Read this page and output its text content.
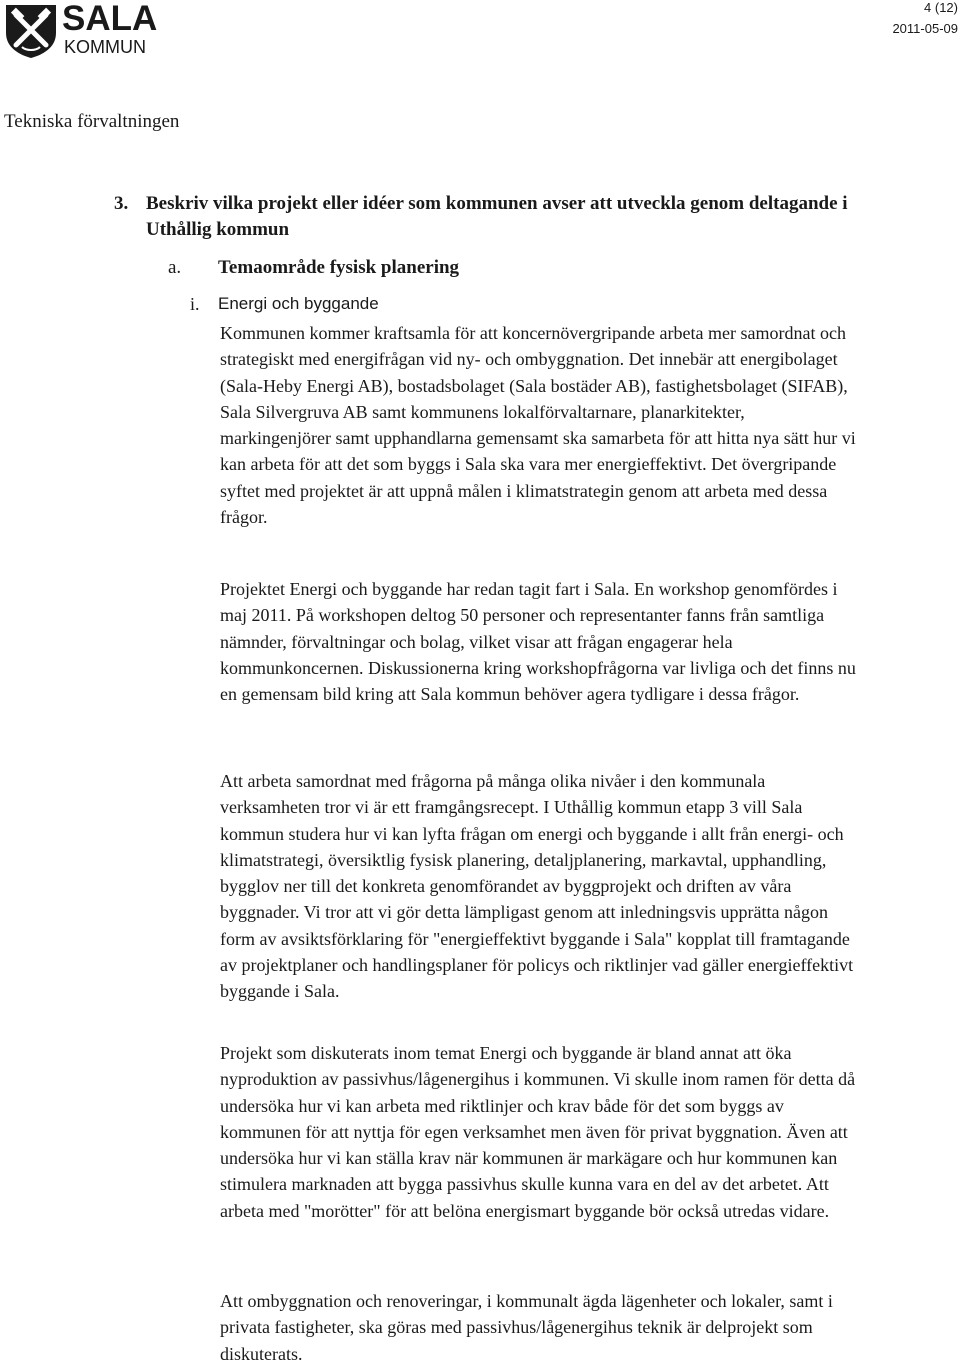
SALA
KOMMUN
4 (12)
2011-05-09
Tekniska förvaltningen
3. Beskriv vilka projekt eller idéer som kommunen avser att utveckla genom deltagande i Uthållig kommun
a. Temaområde fysisk planering
i. Energi och byggande

Kommunen kommer kraftsamla för att koncernövergripande arbeta mer samordnat och strategiskt med energifrågan vid ny- och ombyggnation. Det innebär att energibolaget (Sala-Heby Energi AB), bostadsbolaget (Sala bostäder AB), fastighetsbolaget (SIFAB), Sala Silvergruva AB samt kommunens lokalförvaltarnare, planarkitekter, markingenjörer samt upphandlarna gemensamt ska samarbeta för att hitta nya sätt hur vi kan arbeta för att det som byggs i Sala ska vara mer energieffektivt. Det övergripande syftet med projektet är att uppnå målen i klimatstrategin genom att arbeta med dessa frågor.

Projektet Energi och byggande har redan tagit fart i Sala. En workshop genomfördes i maj 2011. På workshopen deltog 50 personer och representanter fanns från samtliga nämnder, förvaltningar och bolag, vilket visar att frågan engagerar hela kommunkoncernen. Diskussionerna kring workshopfrågorna var livliga och det finns nu en gemensam bild kring att Sala kommun behöver agera tydligare i dessa frågor.

Att arbeta samordnat med frågorna på många olika nivåer i den kommunala verksamheten tror vi är ett framgångsrecept. I Uthållig kommun etapp 3 vill Sala kommun studera hur vi kan lyfta frågan om energi och byggande i allt från energi- och klimatstrategi, översiktlig fysisk planering, detaljplanering, markavtal, upphandling, bygglov ner till det konkreta genomförandet av byggprojekt och driften av våra byggnader. Vi tror att vi gör detta lämpligast genom att inledningsvis upprätta någon form av avsiktsförklaring för "energieffektivt byggande i Sala" kopplat till framtagande av projektplaner och handlingsplaner för policys och riktlinjer vad gäller energieffektivt byggande i Sala.

Projekt som diskuterats inom temat Energi och byggande är bland annat att öka nyproduktion av passivhus/lågenergihus i kommunen. Vi skulle inom ramen för detta då undersöka hur vi kan arbeta med riktlinjer och krav både för det som byggs av kommunen för att nyttja för egen verksamhet men även för privat byggnation. Även att undersöka hur vi kan ställa krav när kommunen är markägare och hur kommunen kan stimulera marknaden att bygga passivhus skulle kunna vara en del av det arbetet. Att arbeta med "morötter" för att belöna energismart byggande bör också utredas vidare.

Att ombyggnation och renoveringar, i kommunalt ägda lägenheter och lokaler, samt i privata fastigheter, ska göras med passivhus/lågenergihus teknik är delprojekt som diskuterats.
